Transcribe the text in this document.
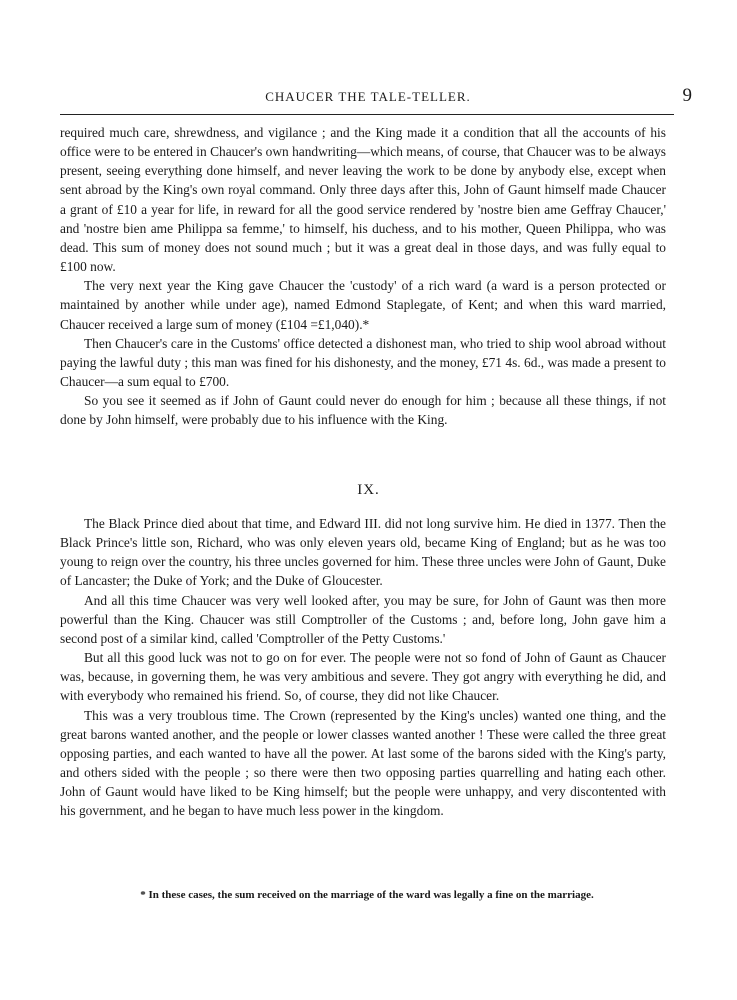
CHAUCER THE TALE-TELLER.	9

required much care, shrewdness, and vigilance ; and the King made it a condition that all the accounts of his office were to be entered in Chaucer's own handwriting—which means, of course, that Chaucer was to be always present, seeing everything done himself, and never leaving the work to be done by anybody else, except when sent abroad by the King's own royal command. Only three days after this, John of Gaunt himself made Chaucer a grant of £10 a year for life, in reward for all the good service rendered by 'nostre bien ame Geffray Chaucer,' and 'nostre bien ame Philippa sa femme,' to himself, his duchess, and to his mother, Queen Philippa, who was dead. This sum of money does not sound much ; but it was a great deal in those days, and was fully equal to £100 now.

The very next year the King gave Chaucer the 'custody' of a rich ward (a ward is a person protected or maintained by another while under age), named Edmond Staplegate, of Kent; and when this ward married, Chaucer received a large sum of money (£104 =£1,040).*

Then Chaucer's care in the Customs' office detected a dishonest man, who tried to ship wool abroad without paying the lawful duty ; this man was fined for his dishonesty, and the money, £71 4s. 6d., was made a present to Chaucer—a sum equal to £700.

So you see it seemed as if John of Gaunt could never do enough for him ; because all these things, if not done by John himself, were probably due to his influence with the King.

IX.

The Black Prince died about that time, and Edward III. did not long survive him. He died in 1377. Then the Black Prince's little son, Richard, who was only eleven years old, became King of England; but as he was too young to reign over the country, his three uncles governed for him. These three uncles were John of Gaunt, Duke of Lancaster; the Duke of York; and the Duke of Gloucester.

And all this time Chaucer was very well looked after, you may be sure, for John of Gaunt was then more powerful than the King. Chaucer was still Comptroller of the Customs ; and, before long, John gave him a second post of a similar kind, called 'Comptroller of the Petty Customs.'

But all this good luck was not to go on for ever. The people were not so fond of John of Gaunt as Chaucer was, because, in governing them, he was very ambitious and severe. They got angry with everything he did, and with everybody who remained his friend. So, of course, they did not like Chaucer.

This was a very troublous time. The Crown (represented by the King's uncles) wanted one thing, and the great barons wanted another, and the people or lower classes wanted another ! These were called the three great opposing parties, and each wanted to have all the power. At last some of the barons sided with the King's party, and others sided with the people ; so there were then two opposing parties quarrelling and hating each other. John of Gaunt would have liked to be King himself; but the people were unhappy, and very discontented with his government, and he began to have much less power in the kingdom.

* In these cases, the sum received on the marriage of the ward was legally a fine on the marriage.
